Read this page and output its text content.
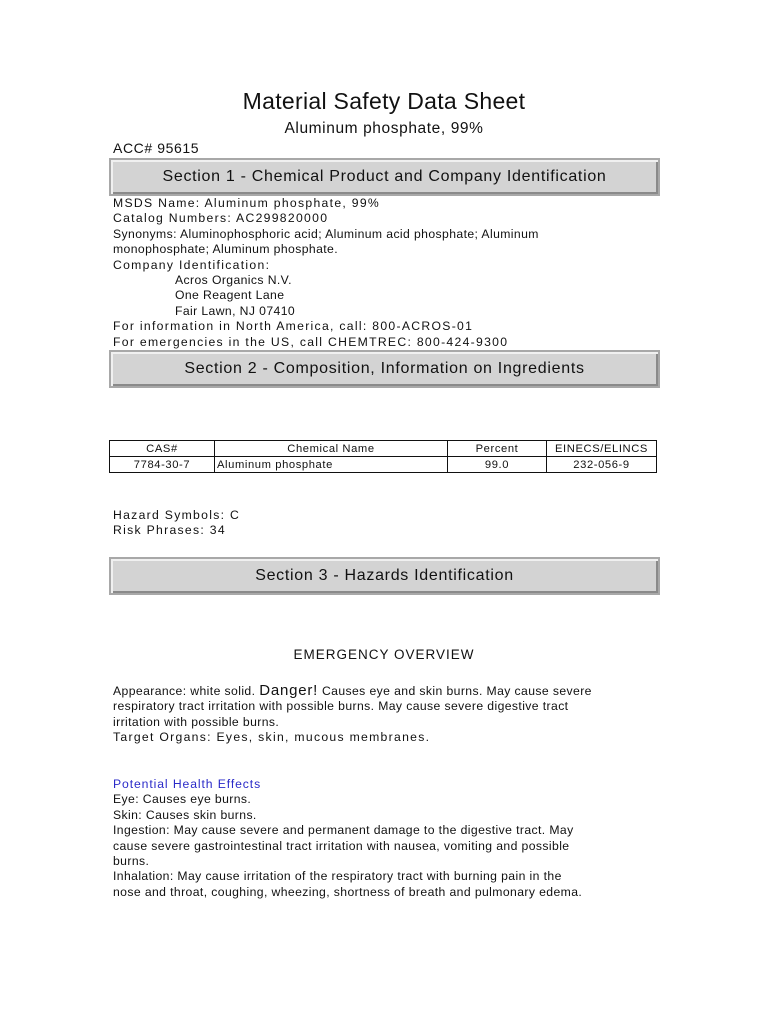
Material Safety Data Sheet
Aluminum phosphate, 99%
ACC# 95615
Section 1 - Chemical Product and Company Identification
MSDS Name: Aluminum phosphate, 99%
Catalog Numbers: AC299820000
Synonyms: Aluminophosphoric acid; Aluminum acid phosphate; Aluminum
monophosphate; Aluminum phosphate.
Company Identification:
Acros Organics N.V.
One Reagent Lane
Fair Lawn, NJ 07410
For information in North America, call: 800-ACROS-01
For emergencies in the US, call CHEMTREC: 800-424-9300
Section 2 - Composition, Information on Ingredients
CAS#	Chemical Name	Percent	EINECS/ELINCS
7784-30-7	Aluminum phosphate	99.0	232-056-9
Hazard Symbols: C
Risk Phrases: 34
Section 3 - Hazards Identification
EMERGENCY OVERVIEW
Appearance: white solid. Danger! Causes eye and skin burns. May cause severe
respiratory tract irritation with possible burns. May cause severe digestive tract
irritation with possible burns.
Target Organs: Eyes, skin, mucous membranes.
Potential Health Effects
Eye: Causes eye burns.
Skin: Causes skin burns.
Ingestion: May cause severe and permanent damage to the digestive tract. May
cause severe gastrointestinal tract irritation with nausea, vomiting and possible
burns.
Inhalation: May cause irritation of the respiratory tract with burning pain in the
nose and throat, coughing, wheezing, shortness of breath and pulmonary edema.
